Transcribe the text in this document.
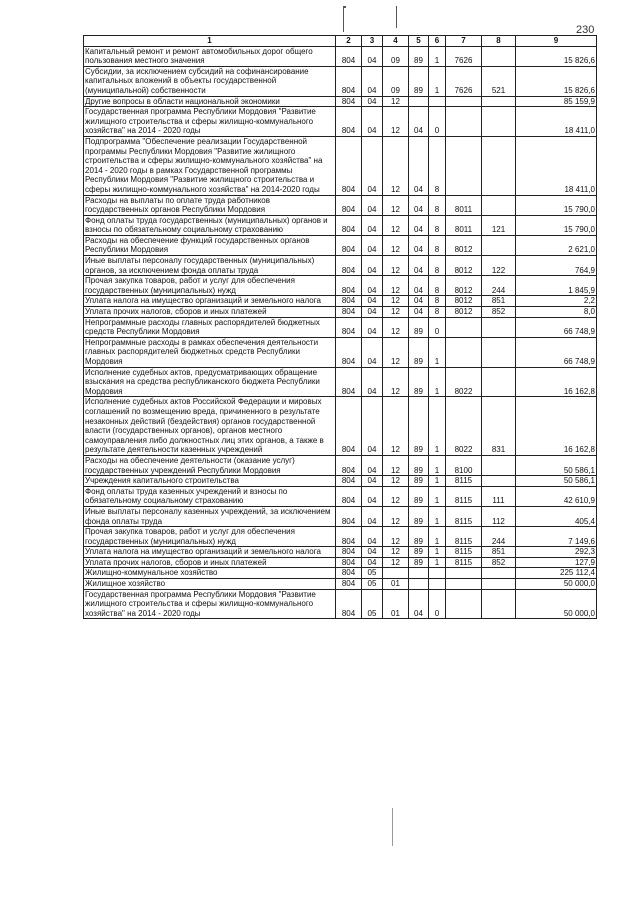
230
1	2	3	4	5	6	7	8	9
Капитальный ремонт и ремонт автомобильных дорог общего пользования местного значения	804	04	09	89	1	7626		15 826,6
Субсидии, за исключением субсидий на софинансирование капитальных вложений в объекты государственной (муниципальной) собственности	804	04	09	89	1	7626	521	15 826,6
Другие вопросы в области национальной экономики	804	04	12					85 159,9
Государственная программа Республики Мордовия "Развитие жилищного строительства и сферы жилищно-коммунального хозяйства" на 2014 - 2020 годы	804	04	12	04	0			18 411,0
Подпрограмма "Обеспечение реализации Государственной программы Республики Мордовия "Развитие жилищного строительства и сферы жилищно-коммунального хозяйства" на 2014 - 2020 годы в рамках Государственной программы Республики Мордовия "Развитие жилищного строительства и сферы жилищно-коммунального хозяйства" на 2014-2020 годы	804	04	12	04	8			18 411,0
Расходы на выплаты по оплате труда работников государственных органов Республики Мордовия	804	04	12	04	8	8011		15 790,0
Фонд оплаты труда государственных (муниципальных) органов и взносы по обязательному социальному страхованию	804	04	12	04	8	8011	121	15 790,0
Расходы на обеспечение функций государственных органов Республики Мордовия	804	04	12	04	8	8012		2 621,0
Иные выплаты персоналу государственных (муниципальных) органов, за исключением фонда оплаты труда	804	04	12	04	8	8012	122	764,9
Прочая закупка товаров, работ и услуг для обеспечения государственных (муниципальных) нужд	804	04	12	04	8	8012	244	1 845,9
Уплата налога на имущество организаций и земельного налога	804	04	12	04	8	8012	851	2,2
Уплата прочих налогов, сборов и иных платежей	804	04	12	04	8	8012	852	8,0
Непрограммные расходы главных распорядителей бюджетных средств Республики Мордовия	804	04	12	89	0			66 748,9
Непрограммные расходы в рамках обеспечения деятельности главных распорядителей бюджетных средств Республики Мордовия	804	04	12	89	1			66 748,9
Исполнение судебных актов, предусматривающих обращение взыскания на средства республиканского бюджета Республики Мордовия	804	04	12	89	1	8022		16 162,8
Исполнение судебных актов Российской Федерации и мировых соглашений по возмещению вреда, причиненного в результате незаконных действий (бездействия) органов государственной власти (государственных органов), органов местного самоуправления либо должностных лиц этих органов, а также в результате деятельности казенных учреждений	804	04	12	89	1	8022	831	16 162,8
Расходы на обеспечение деятельности (оказание услуг) государственных учреждений Республики Мордовия	804	04	12	89	1	8100		50 586,1
Учреждения капитального строительства	804	04	12	89	1	8115		50 586,1
Фонд оплаты труда казенных учреждений и взносы по обязательному социальному страхованию	804	04	12	89	1	8115	111	42 610,9
Иные выплаты персоналу казенных учреждений, за исключением фонда оплаты труда	804	04	12	89	1	8115	112	405,4
Прочая закупка товаров, работ и услуг для обеспечения государственных (муниципальных) нужд	804	04	12	89	1	8115	244	7 149,6
Уплата налога на имущество организаций и земельного налога	804	04	12	89	1	8115	851	292,3
Уплата прочих налогов, сборов и иных платежей	804	04	12	89	1	8115	852	127,9
Жилищно-коммунальное хозяйство	804	05						225 112,4
Жилищное хозяйство	804	05	01					50 000,0
Государственная программа Республики Мордовия "Развитие жилищного строительства и сферы жилищно-коммунального хозяйства" на 2014 - 2020 годы	804	05	01	04	0			50 000,0
